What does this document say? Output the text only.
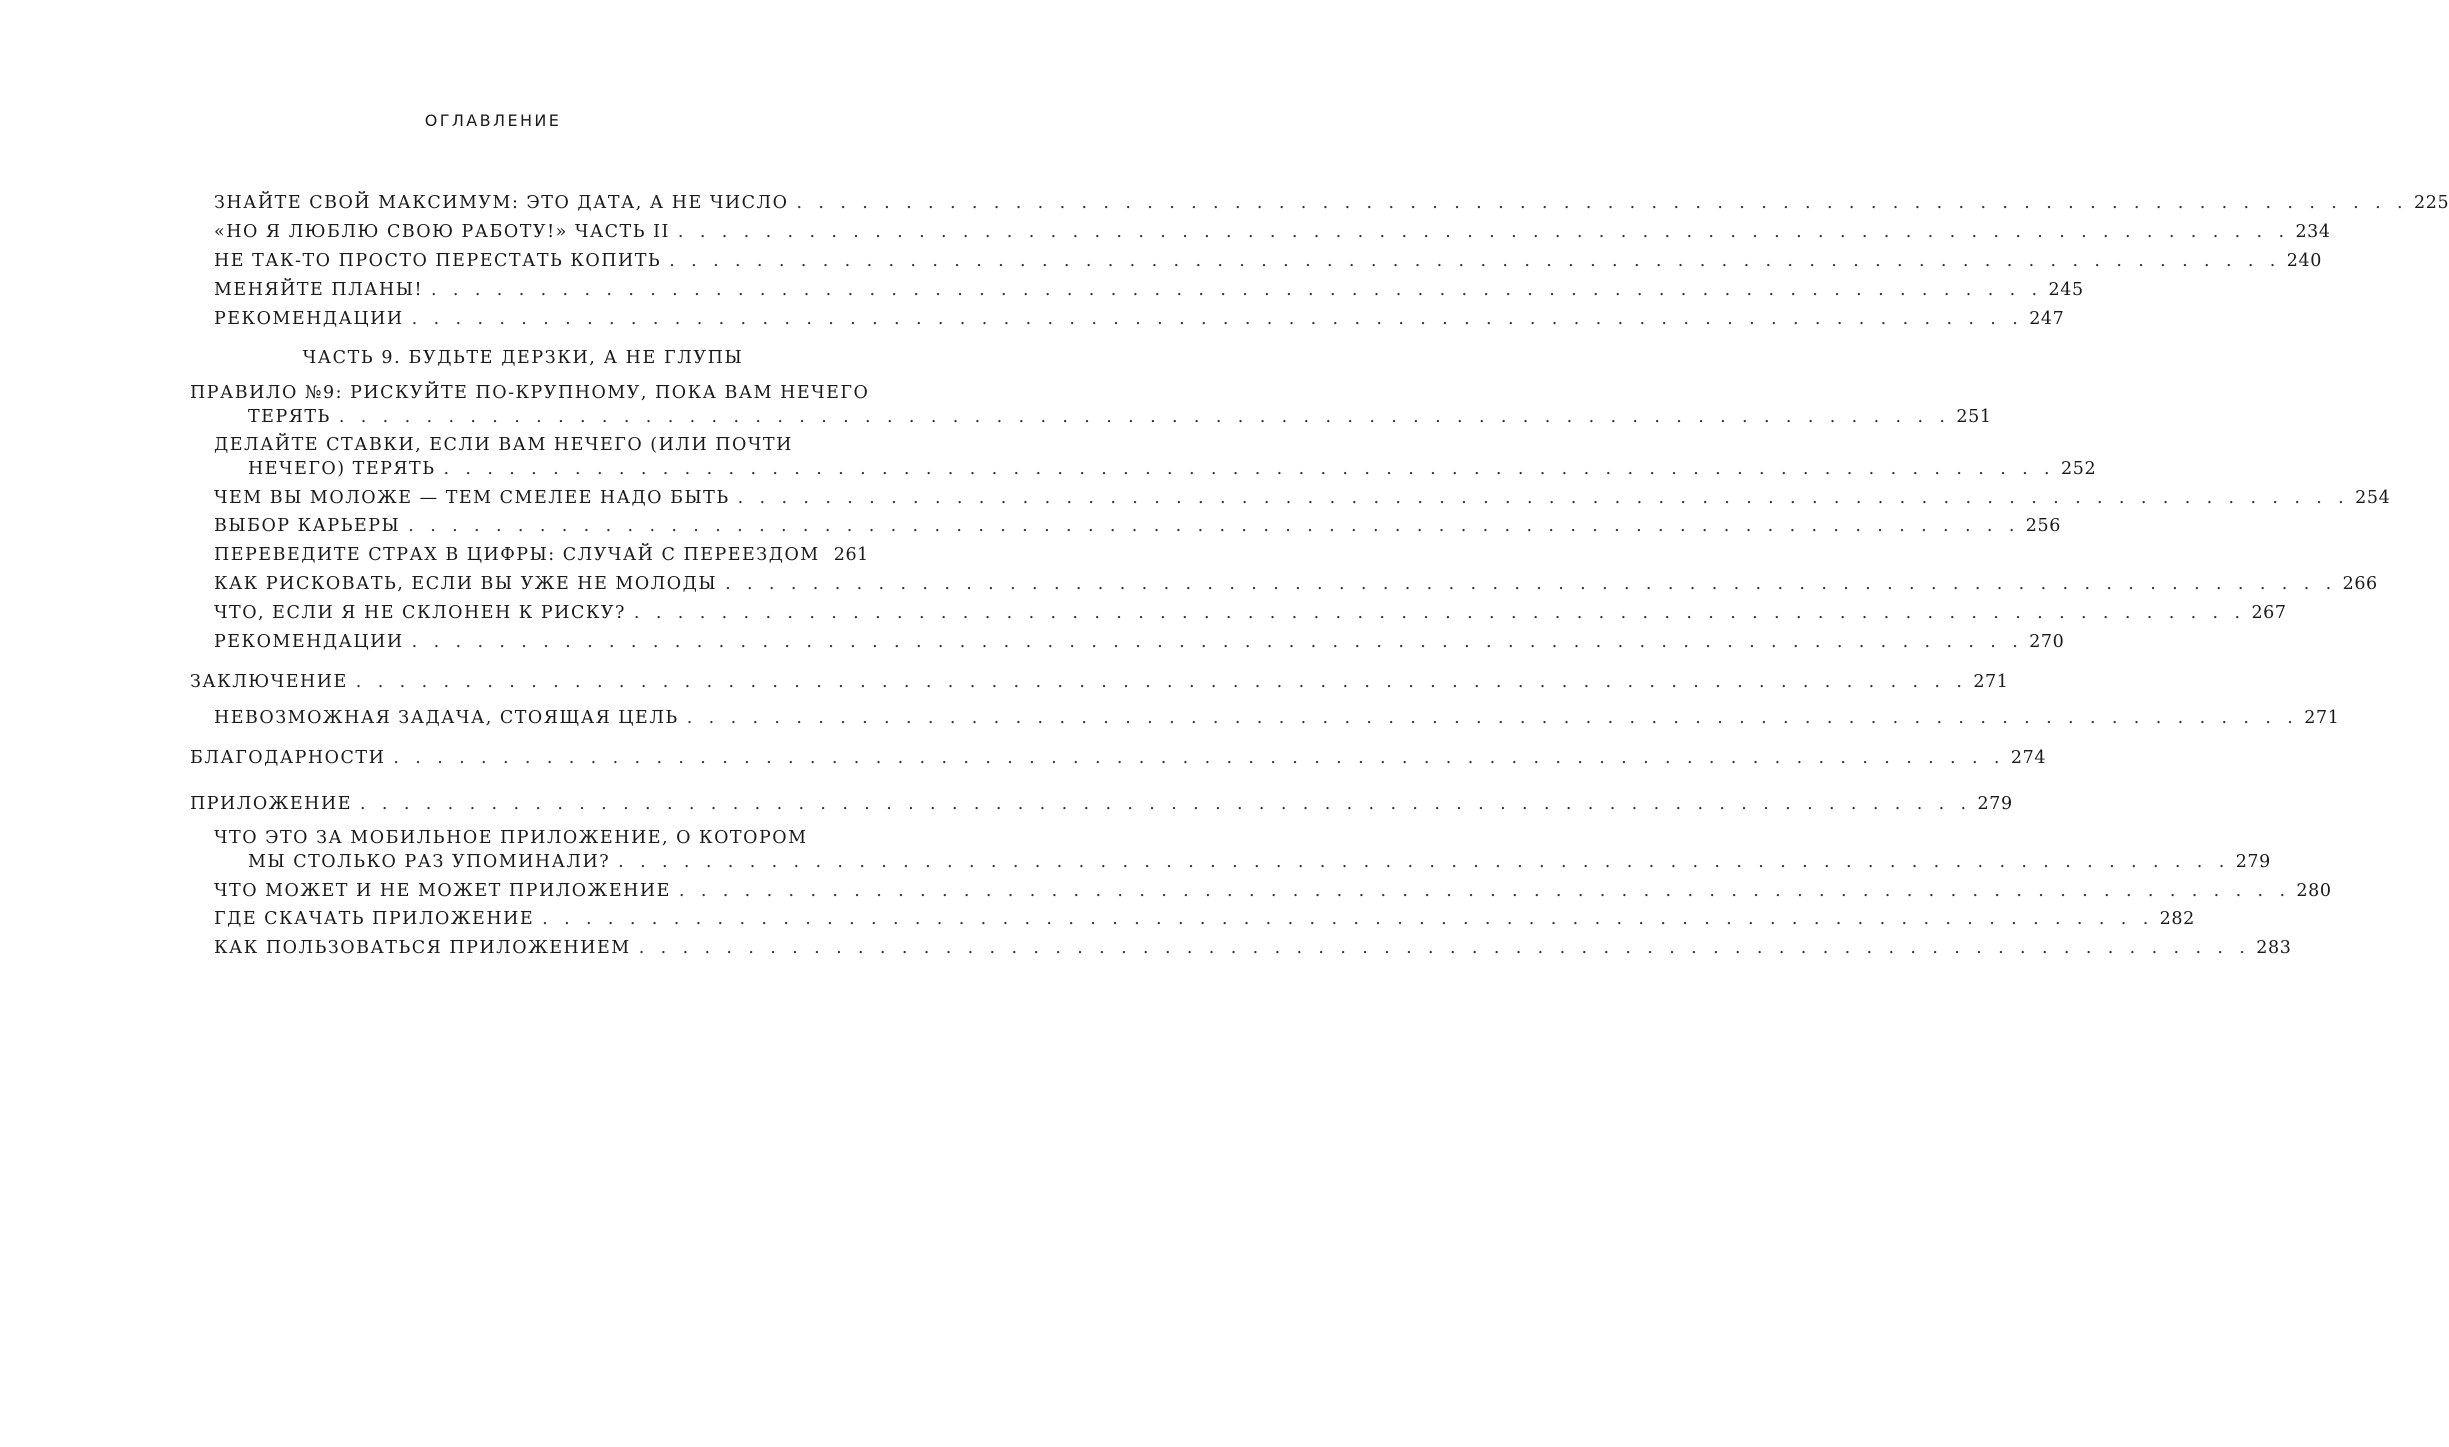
ОГЛАВЛЕНИЕ
ЗНАЙТЕ СВОЙ МАКСИМУМ: ЭТО ДАТА, А НЕ ЧИСЛО . . . . . . . . . . . . . . . . . . . . . . . . . . . . . . . . . . . . . . . . . . . . . . . . . . . . . . . . . . . . . . . . . . . . . . . . . . 225
«НО Я ЛЮБЛЮ СВОЮ РАБОТУ!» ЧАСТЬ II . . . . . . . . . . . . . . . . . . . . . . . . . . . . . . . . . . . . . . . . . . . . . . . . . . . . . . . . . . . . . . . . . . . . . . . . . . 234
НЕ ТАК-ТО ПРОСТО ПЕРЕСТАТЬ КОПИТЬ . . . . . . . . . . . . . . . . . . . . . . . . . . . . . . . . . . . . . . . . . . . . . . . . . . . . . . . . . . . . . . . . . . . . . . . . . . 240
МЕНЯЙТЕ ПЛАНЫ! . . . . . . . . . . . . . . . . . . . . . . . . . . . . . . . . . . . . . . . . . . . . . . . . . . . . . . . . . . . . . . . . . . . . . . . . . . 245
РЕКОМЕНДАЦИИ . . . . . . . . . . . . . . . . . . . . . . . . . . . . . . . . . . . . . . . . . . . . . . . . . . . . . . . . . . . . . . . . . . . . . . . . . . 247
ЧАСТЬ 9. БУДЬТЕ ДЕРЗКИ, А НЕ ГЛУПЫ
ПРАВИЛО №9: РИСКУЙТЕ ПО-КРУПНОМУ, ПОКА ВАМ НЕЧЕГО
ТЕРЯТЬ . . . . . . . . . . . . . . . . . . . . . . . . . . . . . . . . . . . . . . . . . . . . . . . . . . . . . . . . . . . . . . . . . . . . . . . . . . 251
ДЕЛАЙТЕ СТАВКИ, ЕСЛИ ВАМ НЕЧЕГО (ИЛИ ПОЧТИ
НЕЧЕГО) ТЕРЯТЬ . . . . . . . . . . . . . . . . . . . . . . . . . . . . . . . . . . . . . . . . . . . . . . . . . . . . . . . . . . . . . . . . . . . . . . . . . . 252
ЧЕМ ВЫ МОЛОЖЕ — ТЕМ СМЕЛЕЕ НАДО БЫТЬ . . . . . . . . . . . . . . . . . . . . . . . . . . . . . . . . . . . . . . . . . . . . . . . . . . . . . . . . . . . . . . . . . . . . . . . . . . 254
ВЫБОР КАРЬЕРЫ . . . . . . . . . . . . . . . . . . . . . . . . . . . . . . . . . . . . . . . . . . . . . . . . . . . . . . . . . . . . . . . . . . . . . . . . . . 256
ПЕРЕВЕДИТЕ СТРАХ В ЦИФРЫ: СЛУЧАЙ С ПЕРЕЕЗДОМ 261
КАК РИСКОВАТЬ, ЕСЛИ ВЫ УЖЕ НЕ МОЛОДЫ . . . . . . . . . . . . . . . . . . . . . . . . . . . . . . . . . . . . . . . . . . . . . . . . . . . . . . . . . . . . . . . . . . . . . . . . . . 266
ЧТО, ЕСЛИ Я НЕ СКЛОНЕН К РИСКУ? . . . . . . . . . . . . . . . . . . . . . . . . . . . . . . . . . . . . . . . . . . . . . . . . . . . . . . . . . . . . . . . . . . . . . . . . . . 267
РЕКОМЕНДАЦИИ . . . . . . . . . . . . . . . . . . . . . . . . . . . . . . . . . . . . . . . . . . . . . . . . . . . . . . . . . . . . . . . . . . . . . . . . . . 270
ЗАКЛЮЧЕНИЕ . . . . . . . . . . . . . . . . . . . . . . . . . . . . . . . . . . . . . . . . . . . . . . . . . . . . . . . . . . . . . . . . . . . . . . . . . . 271
НЕВОЗМОЖНАЯ ЗАДАЧА, СТОЯЩАЯ ЦЕЛЬ . . . . . . . . . . . . . . . . . . . . . . . . . . . . . . . . . . . . . . . . . . . . . . . . . . . . . . . . . . . . . . . . . . . . . . . . . . 271
БЛАГОДАРНОСТИ . . . . . . . . . . . . . . . . . . . . . . . . . . . . . . . . . . . . . . . . . . . . . . . . . . . . . . . . . . . . . . . . . . . . . . . . . . 274
ПРИЛОЖЕНИЕ . . . . . . . . . . . . . . . . . . . . . . . . . . . . . . . . . . . . . . . . . . . . . . . . . . . . . . . . . . . . . . . . . . . . . . . . . . 279
ЧТО ЭТО ЗА МОБИЛЬНОЕ ПРИЛОЖЕНИЕ, О КОТОРОМ
МЫ СТОЛЬКО РАЗ УПОМИНАЛИ? . . . . . . . . . . . . . . . . . . . . . . . . . . . . . . . . . . . . . . . . . . . . . . . . . . . . . . . . . . . . . . . . . . . . . . . . . . 279
ЧТО МОЖЕТ И НЕ МОЖЕТ ПРИЛОЖЕНИЕ . . . . . . . . . . . . . . . . . . . . . . . . . . . . . . . . . . . . . . . . . . . . . . . . . . . . . . . . . . . . . . . . . . . . . . . . . . 280
ГДЕ СКАЧАТЬ ПРИЛОЖЕНИЕ . . . . . . . . . . . . . . . . . . . . . . . . . . . . . . . . . . . . . . . . . . . . . . . . . . . . . . . . . . . . . . . . . . . . . . . . . . 282
КАК ПОЛЬЗОВАТЬСЯ ПРИЛОЖЕНИЕМ . . . . . . . . . . . . . . . . . . . . . . . . . . . . . . . . . . . . . . . . . . . . . . . . . . . . . . . . . . . . . . . . . . . . . . . . . . 283
